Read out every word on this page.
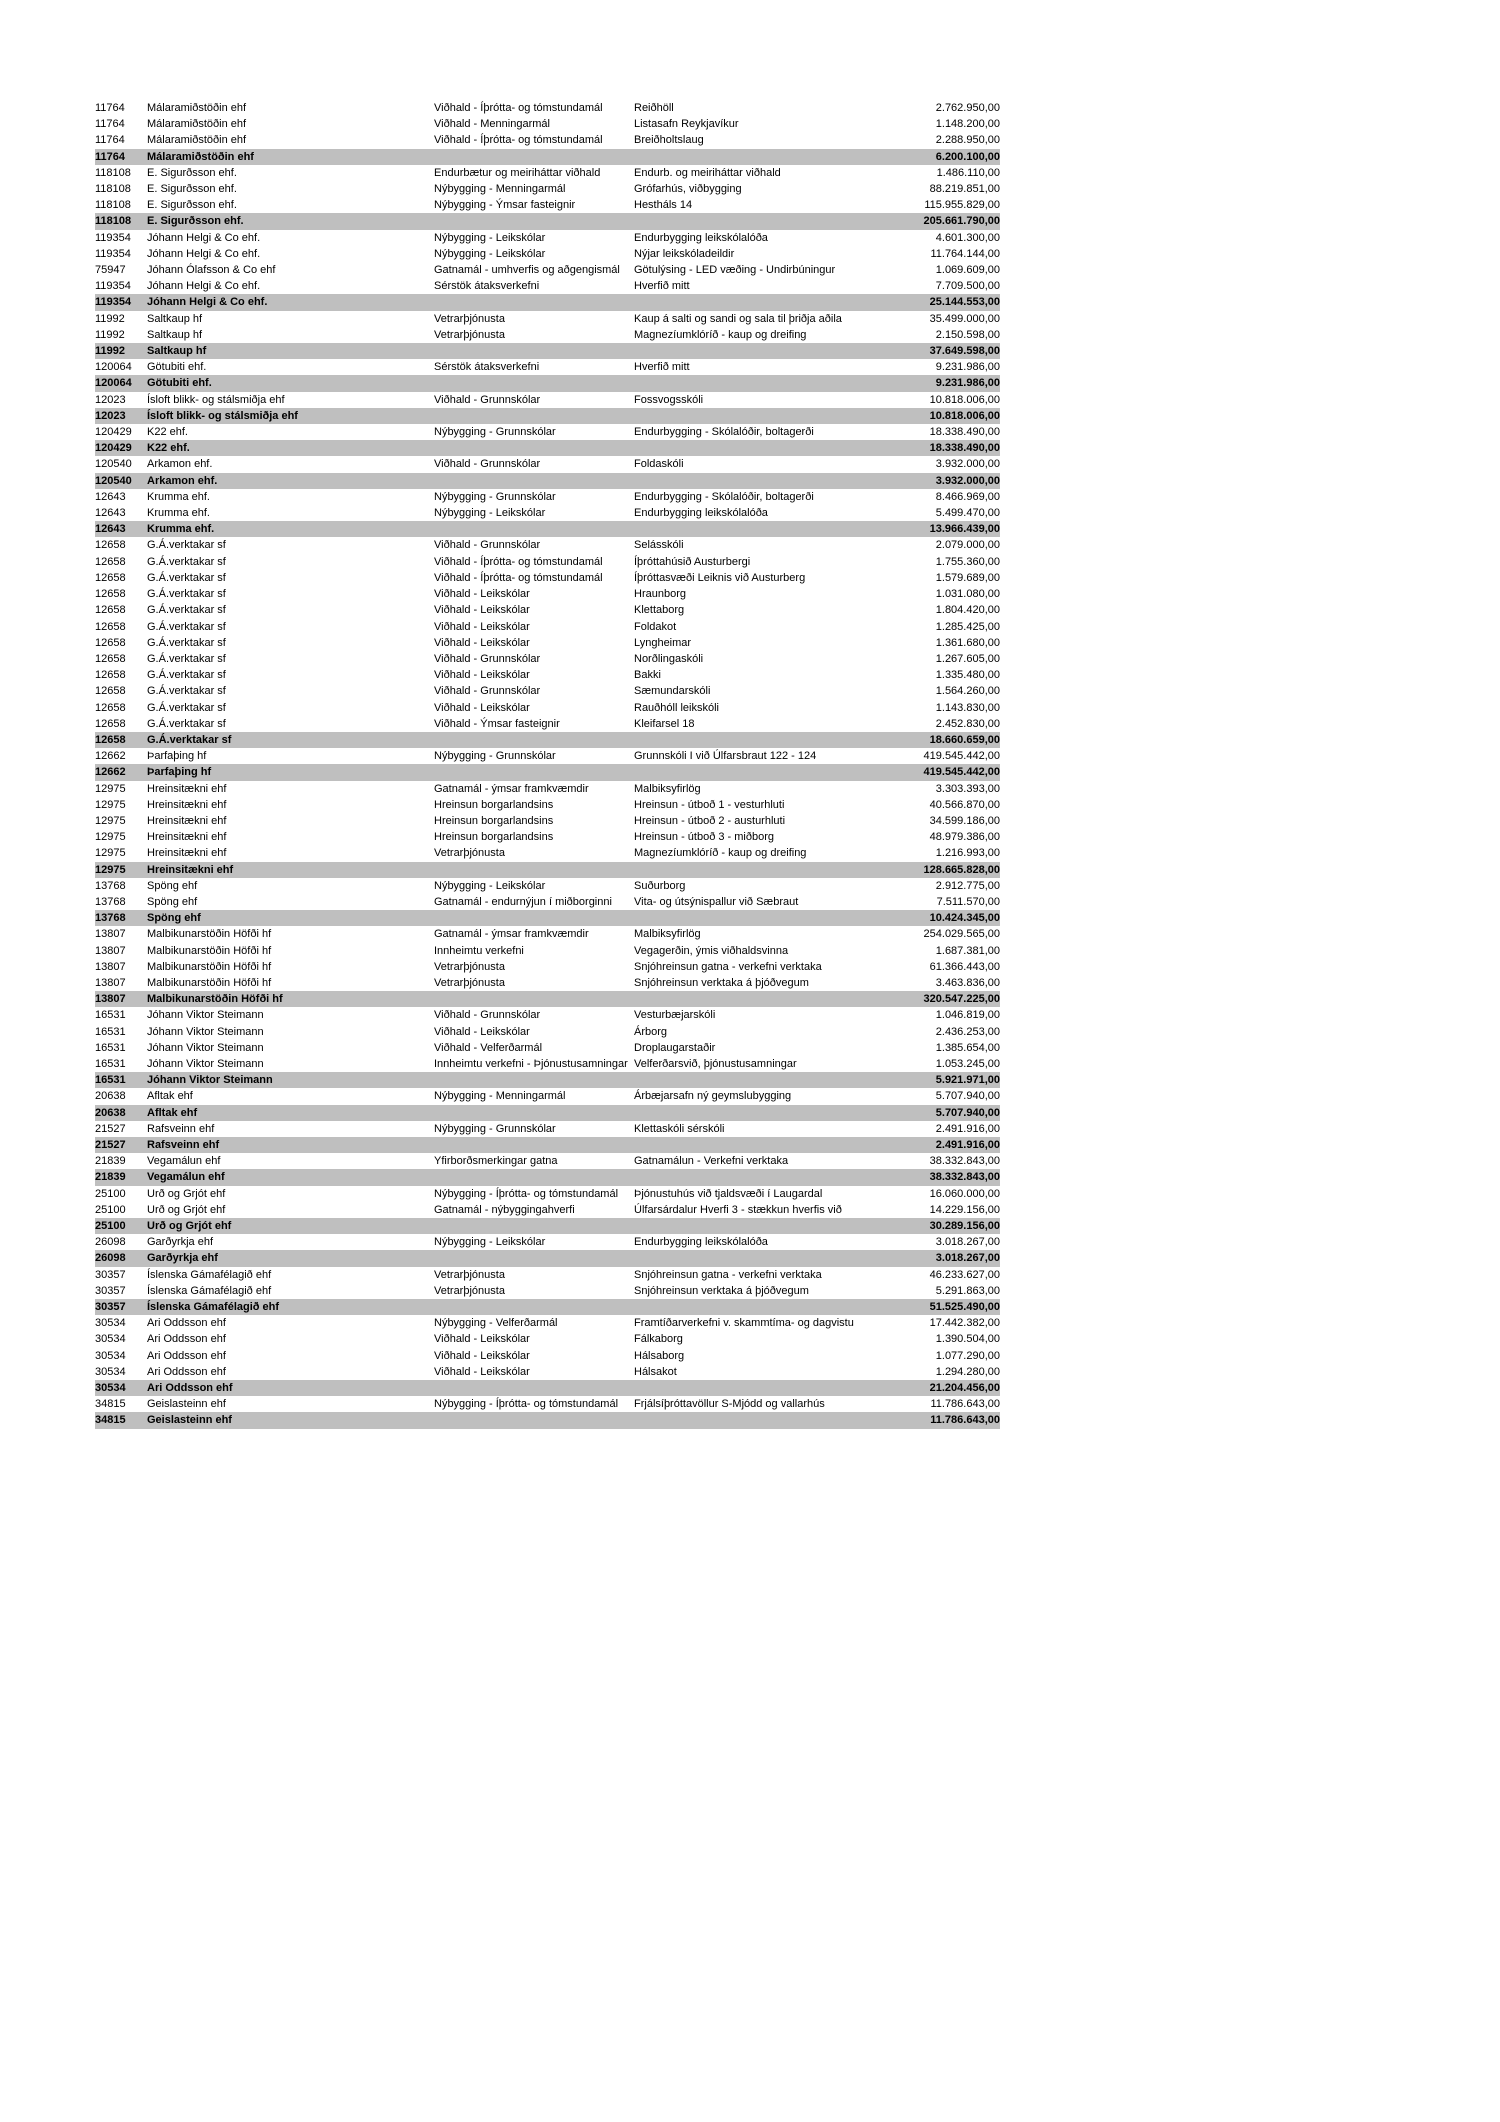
11764	Málaramiðstöðin ehf	Viðhald - Íþrótta- og tómstundamál	Reiðhöll	2.762.950,00
11764	Málaramiðstöðin ehf	Viðhald - Menningarmál	Listasafn Reykjavíkur	1.148.200,00
11764	Málaramiðstöðin ehf	Viðhald - Íþrótta- og tómstundamál	Breiðholtslaug	2.288.950,00
11764	Málaramiðstöðin ehf			6.200.100,00
118108	E. Sigurðsson ehf.	Endurbætur og meiriháttar viðhald	Endurb. og meiriháttar viðhald	1.486.110,00
118108	E. Sigurðsson ehf.	Nýbygging - Menningarmál	Grófarhús, viðbygging	88.219.851,00
118108	E. Sigurðsson ehf.	Nýbygging - Ýmsar fasteignir	Hestháls 14	115.955.829,00
118108	E. Sigurðsson ehf.			205.661.790,00
119354	Jóhann Helgi & Co ehf.	Nýbygging - Leikskólar	Endurbygging leikskólalóða	4.601.300,00
119354	Jóhann Helgi & Co ehf.	Nýbygging - Leikskólar	Nýjar leikskóladeildir	11.764.144,00
75947	Jóhann Ólafsson & Co ehf	Gatnamál - umhverfis og aðgengismál	Götulýsing - LED væðing - Undirbúningur	1.069.609,00
119354	Jóhann Helgi & Co ehf.	Sérstök átaksverkefni	Hverfið mitt	7.709.500,00
119354	Jóhann Helgi & Co ehf.			25.144.553,00
11992	Saltkaup hf	Vetrarþjónusta	Kaup á salti og sandi og sala til þriðja aðila	35.499.000,00
11992	Saltkaup hf	Vetrarþjónusta	Magnezíumklóríð - kaup og dreifing	2.150.598,00
11992	Saltkaup hf			37.649.598,00
120064	Götubiti ehf.	Sérstök átaksverkefni	Hverfið mitt	9.231.986,00
120064	Götubiti ehf.			9.231.986,00
12023	Ísloft blikk- og stálsmiðja ehf	Viðhald - Grunnskólar	Fossvogsskóli	10.818.006,00
12023	Ísloft blikk- og stálsmiðja ehf			10.818.006,00
120429	K22 ehf.	Nýbygging - Grunnskólar	Endurbygging - Skólalóðir, boltagerði	18.338.490,00
120429	K22 ehf.			18.338.490,00
120540	Arkamon ehf.	Viðhald - Grunnskólar	Foldaskóli	3.932.000,00
120540	Arkamon ehf.			3.932.000,00
12643	Krumma ehf.	Nýbygging - Grunnskólar	Endurbygging - Skólalóðir, boltagerði	8.466.969,00
12643	Krumma ehf.	Nýbygging - Leikskólar	Endurbygging leikskólalóða	5.499.470,00
12643	Krumma ehf.			13.966.439,00
12658	G.Á.verktakar sf	Viðhald - Grunnskólar	Selásskóli	2.079.000,00
12658	G.Á.verktakar sf	Viðhald - Íþrótta- og tómstundamál	Íþróttahúsið Austurbergi	1.755.360,00
12658	G.Á.verktakar sf	Viðhald - Íþrótta- og tómstundamál	Íþróttasvæði Leiknis við Austurberg	1.579.689,00
12658	G.Á.verktakar sf	Viðhald - Leikskólar	Hraunborg	1.031.080,00
12658	G.Á.verktakar sf	Viðhald - Leikskólar	Klettaborg	1.804.420,00
12658	G.Á.verktakar sf	Viðhald - Leikskólar	Foldakot	1.285.425,00
12658	G.Á.verktakar sf	Viðhald - Leikskólar	Lyngheimar	1.361.680,00
12658	G.Á.verktakar sf	Viðhald - Grunnskólar	Norðlingaskóli	1.267.605,00
12658	G.Á.verktakar sf	Viðhald - Leikskólar	Bakki	1.335.480,00
12658	G.Á.verktakar sf	Viðhald - Grunnskólar	Sæmundarskóli	1.564.260,00
12658	G.Á.verktakar sf	Viðhald - Leikskólar	Rauðhóll leikskóli	1.143.830,00
12658	G.Á.verktakar sf	Viðhald - Ýmsar fasteignir	Kleifarsel 18	2.452.830,00
12658	G.Á.verktakar sf			18.660.659,00
12662	Þarfaþing hf	Nýbygging - Grunnskólar	Grunnskóli I við Úlfarsbraut 122 - 124	419.545.442,00
12662	Þarfaþing hf			419.545.442,00
12975	Hreinsitækni ehf	Gatnamál - ýmsar framkvæmdir	Malbiksyfirlög	3.303.393,00
12975	Hreinsitækni ehf	Hreinsun borgarlandsins	Hreinsun - útboð 1 - vesturhluti	40.566.870,00
12975	Hreinsitækni ehf	Hreinsun borgarlandsins	Hreinsun - útboð 2 - austurhluti	34.599.186,00
12975	Hreinsitækni ehf	Hreinsun borgarlandsins	Hreinsun - útboð 3 - miðborg	48.979.386,00
12975	Hreinsitækni ehf	Vetrarþjónusta	Magnezíumklóríð - kaup og dreifing	1.216.993,00
12975	Hreinsitækni ehf			128.665.828,00
13768	Spöng ehf	Nýbygging - Leikskólar	Suðurborg	2.912.775,00
13768	Spöng ehf	Gatnamál - endurnýjun í miðborginni	Vita- og útsýnispallur við Sæbraut	7.511.570,00
13768	Spöng ehf			10.424.345,00
13807	Malbikunarstöðin Höfði hf	Gatnamál - ýmsar framkvæmdir	Malbiksyfirlög	254.029.565,00
13807	Malbikunarstöðin Höfði hf	Innheimtu verkefni	Vegagerðin, ýmis viðhaldsvinna	1.687.381,00
13807	Malbikunarstöðin Höfði hf	Vetrarþjónusta	Snjóhreinsun gatna - verkefni verktaka	61.366.443,00
13807	Malbikunarstöðin Höfði hf	Vetrarþjónusta	Snjóhreinsun verktaka á þjóðvegum	3.463.836,00
13807	Malbikunarstöðin Höfði hf			320.547.225,00
16531	Jóhann Viktor Steimann	Viðhald - Grunnskólar	Vesturbæjarskóli	1.046.819,00
16531	Jóhann Viktor Steimann	Viðhald - Leikskólar	Árborg	2.436.253,00
16531	Jóhann Viktor Steimann	Viðhald - Velferðarmál	Droplaugarstaðir	1.385.654,00
16531	Jóhann Viktor Steimann	Innheimtu verkefni - Þjónustusamningar	Velferðarsvið, þjónustusamningar	1.053.245,00
16531	Jóhann Viktor Steimann			5.921.971,00
20638	Afltak ehf	Nýbygging - Menningarmál	Árbæjarsafn ný geymslubygging	5.707.940,00
20638	Afltak ehf			5.707.940,00
21527	Rafsveinn ehf	Nýbygging - Grunnskólar	Klettaskóli sérskóli	2.491.916,00
21527	Rafsveinn ehf			2.491.916,00
21839	Vegamálun ehf	Yfirborðsmerkingar gatna	Gatnamálun - Verkefni verktaka	38.332.843,00
21839	Vegamálun ehf			38.332.843,00
25100	Urð og Grjót ehf	Nýbygging - Íþrótta- og tómstundamál	Þjónustuhús við tjaldsvæði í Laugardal	16.060.000,00
25100	Urð og Grjót ehf	Gatnamál - nýbyggingahverfi	Úlfarsárdalur Hverfi 3 - stækkun hverfis við	14.229.156,00
25100	Urð og Grjót ehf			30.289.156,00
26098	Garðyrkja ehf	Nýbygging - Leikskólar	Endurbygging leikskólalóða	3.018.267,00
26098	Garðyrkja ehf			3.018.267,00
30357	Íslenska Gámafélagið ehf	Vetrarþjónusta	Snjóhreinsun gatna - verkefni verktaka	46.233.627,00
30357	Íslenska Gámafélagið ehf	Vetrarþjónusta	Snjóhreinsun verktaka á þjóðvegum	5.291.863,00
30357	Íslenska Gámafélagið ehf			51.525.490,00
30534	Ari Oddsson ehf	Nýbygging - Velferðarmál	Framtíðarverkefni v. skammtíma- og dagvistu	17.442.382,00
30534	Ari Oddsson ehf	Viðhald - Leikskólar	Fálkaborg	1.390.504,00
30534	Ari Oddsson ehf	Viðhald - Leikskólar	Hálsaborg	1.077.290,00
30534	Ari Oddsson ehf	Viðhald - Leikskólar	Hálsakot	1.294.280,00
30534	Ari Oddsson ehf			21.204.456,00
34815	Geislasteinn ehf	Nýbygging - Íþrótta- og tómstundamál	Frjálsíþróttavöllur S-Mjódd og vallarhús	11.786.643,00
34815	Geislasteinn ehf			11.786.643,00
